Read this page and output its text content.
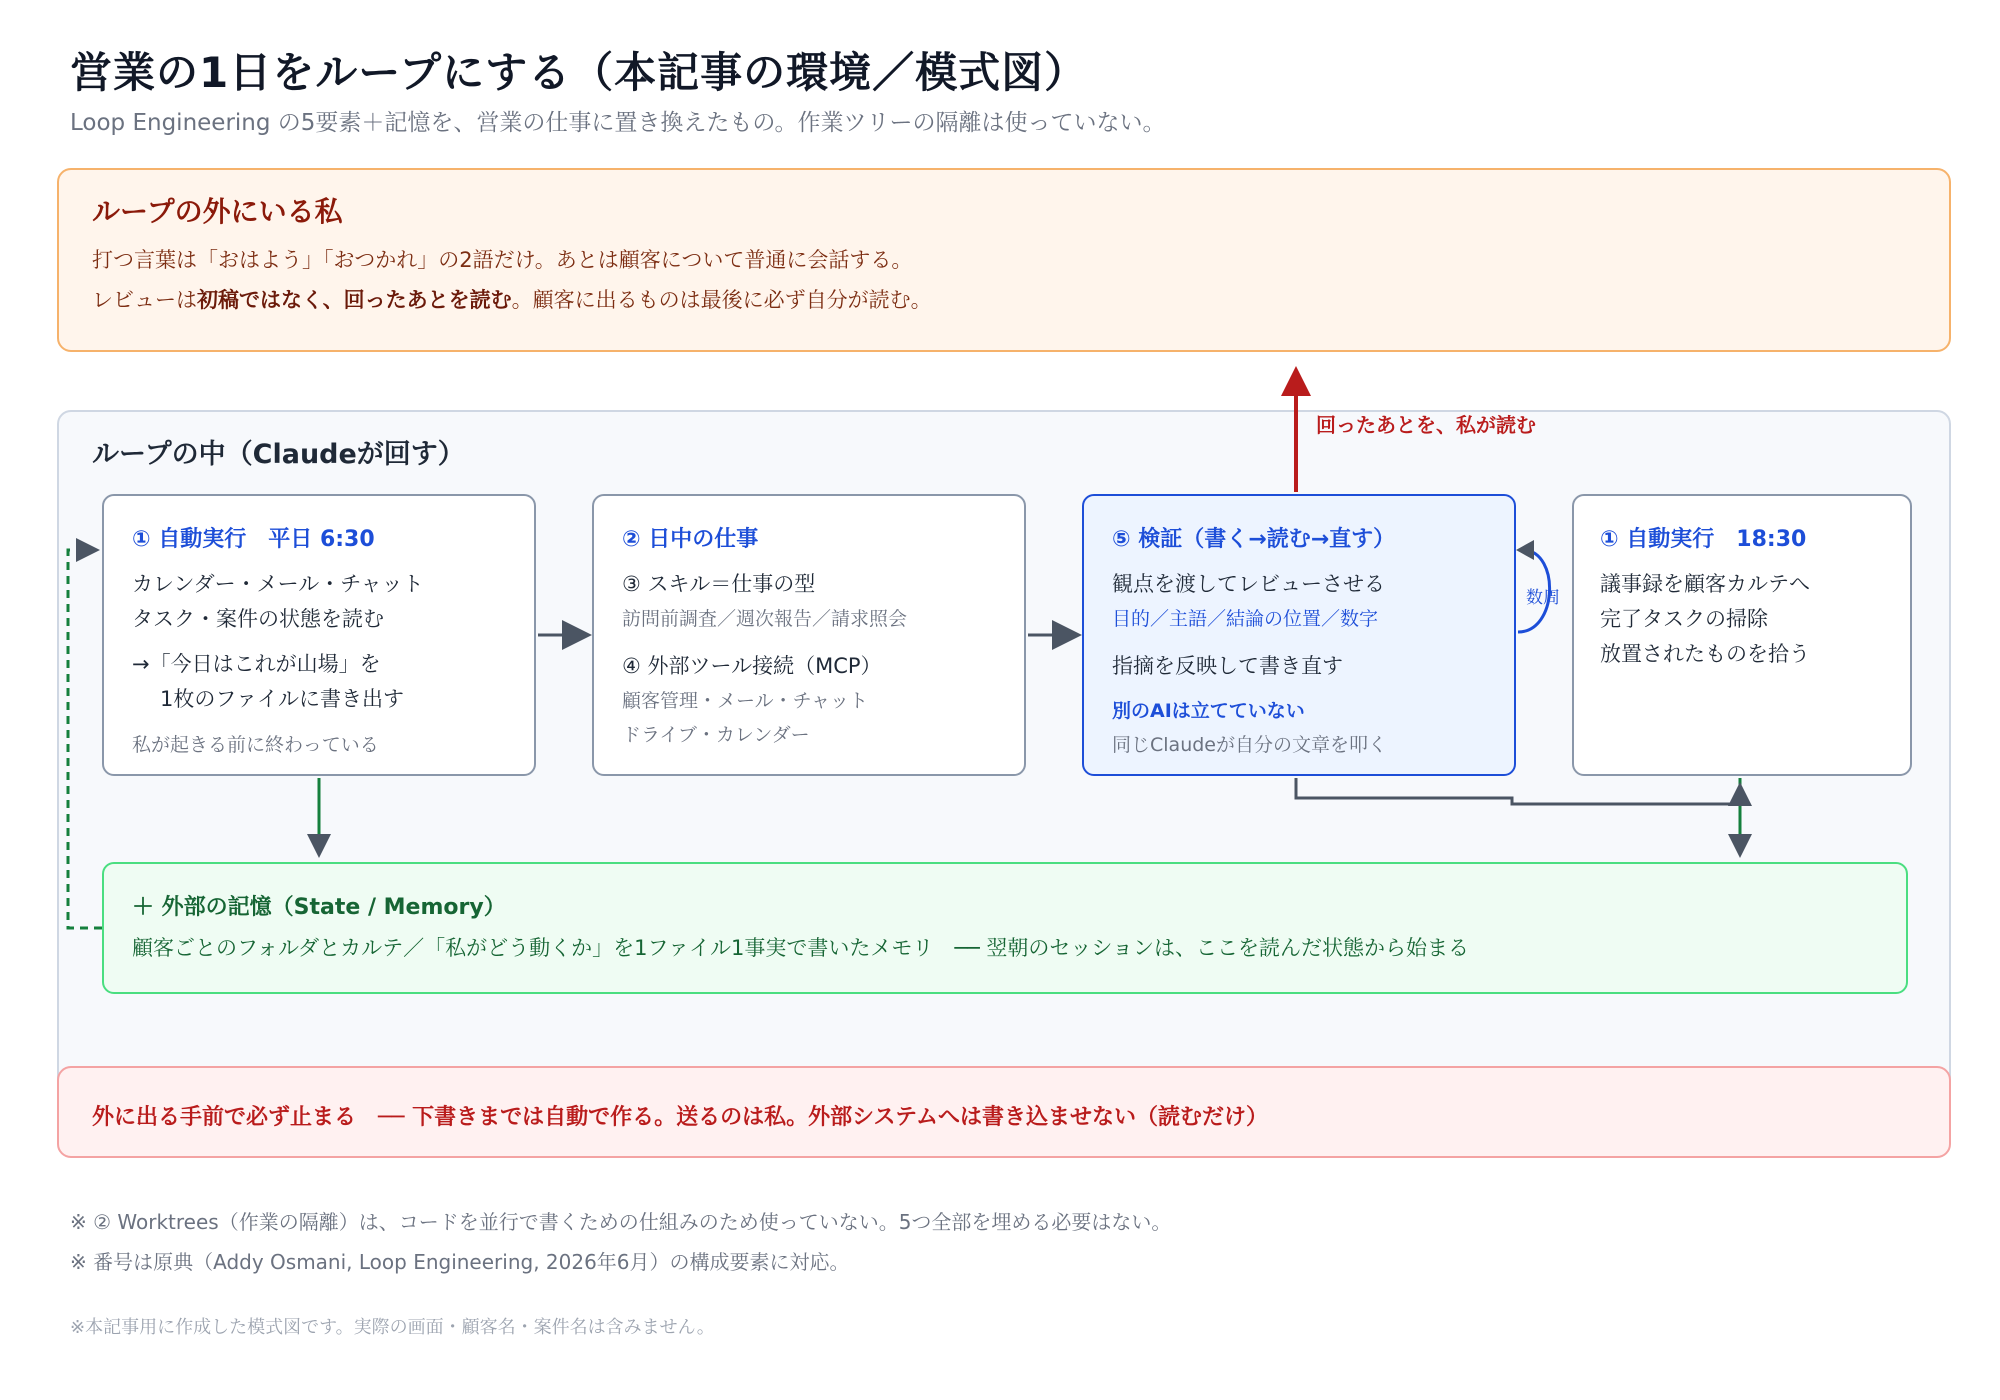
営業の1日をループにする（本記事の環境／模式図）
Loop Engineering の5要素＋記憶を、営業の仕事に置き換えたもの。作業ツリーの隔離は使っていない。
ループの外にいる私
打つ言葉は「おはよう」「おつかれ」の2語だけ。あとは顧客について普通に会話する。
レビューは初稿ではなく、回ったあとを読む。顧客に出るものは最後に必ず自分が読む。
ループの中（Claudeが回す）
① 自動実行　平日 6:30
カレンダー・メール・チャット
タスク・案件の状態を読む
→「今日はこれが山場」を
1枚のファイルに書き出す
私が起きる前に終わっている
② 日中の仕事
③ スキル＝仕事の型
訪問前調査／週次報告／請求照会
④ 外部ツール接続（MCP）
顧客管理・メール・チャット
ドライブ・カレンダー
⑤ 検証（書く→読む→直す）
観点を渡してレビューさせる
目的／主語／結論の位置／数字
指摘を反映して書き直す
別のAIは立てていない
同じClaudeが自分の文章を叩く
① 自動実行　18:30
議事録を顧客カルテへ
完了タスクの掃除
放置されたものを拾う
＋ 外部の記憶（State / Memory）
顧客ごとのフォルダとカルテ／「私がどう動くか」を1ファイル1事実で書いたメモリ　── 翌朝のセッションは、ここを読んだ状態から始まる
外に出る手前で必ず止まる　── 下書きまでは自動で作る。送るのは私。外部システムへは書き込ませない（読むだけ）
回ったあとを、私が読む
数周
※ ② Worktrees（作業の隔離）は、コードを並行で書くための仕組みのため使っていない。5つ全部を埋める必要はない。
※ 番号は原典（Addy Osmani, Loop Engineering, 2026年6月）の構成要素に対応。
※本記事用に作成した模式図です。実際の画面・顧客名・案件名は含みません。
